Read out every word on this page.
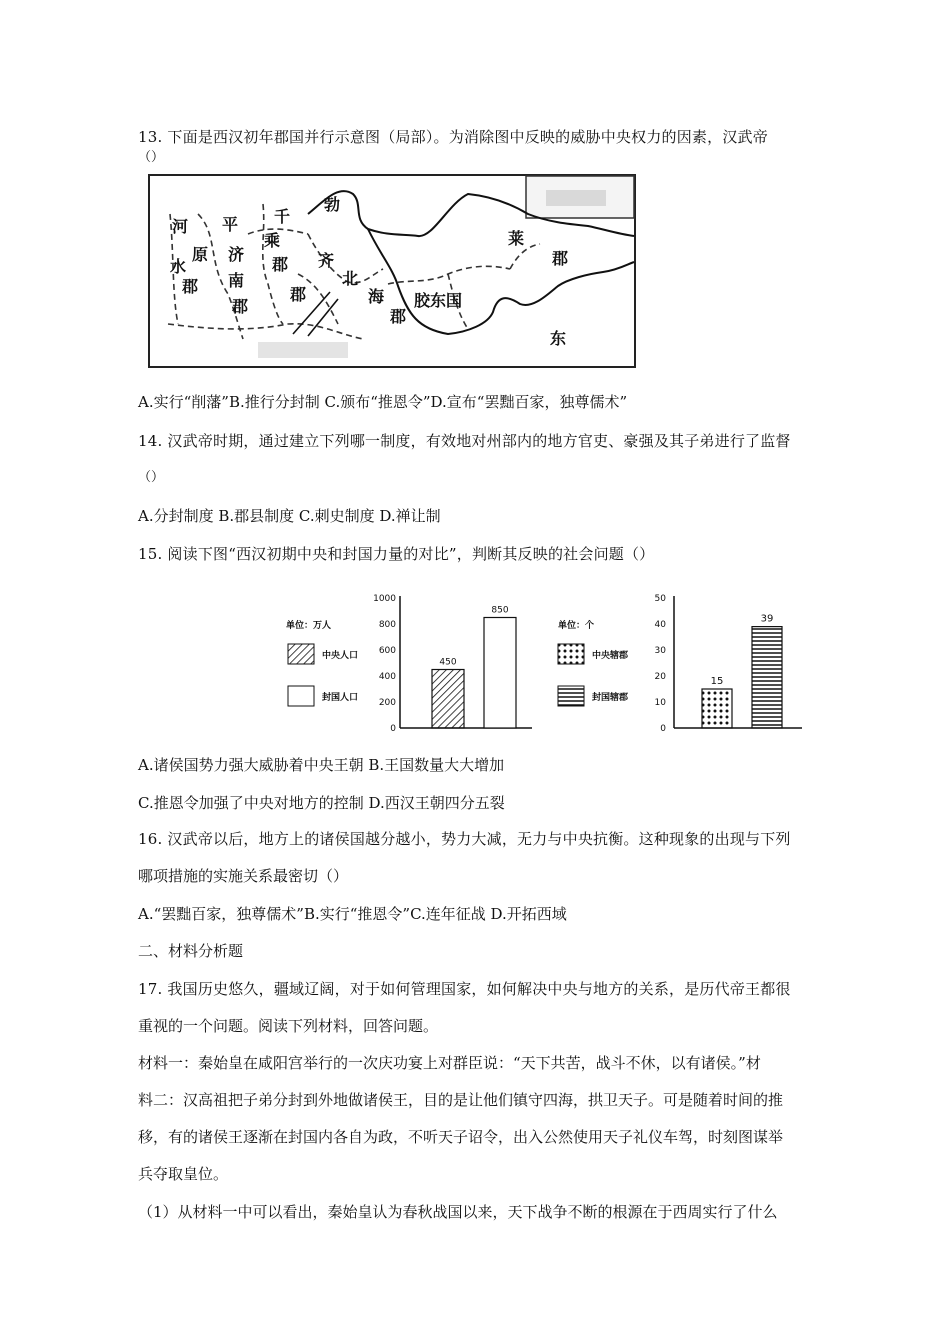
13. 下面是西汉初年郡国并行示意图（局部）。为消除图中反映的威胁中央权力的因素，汉武帝
（）
河
水
郡
平
原 济
南
郡
千
乘
郡
勃
齐
郡
北
海
郡
胶东国
莱
郡
东
A.实行“削藩”B.推行分封制 C.颁布“推恩令”D.宣布“罢黜百家，独尊儒术”
14. 汉武帝时期，通过建立下列哪一制度，有效地对州部内的地方官吏、豪强及其子弟进行了监督
（）
A.分封制度 B.郡县制度 C.刺史制度 D.禅让制
15. 阅读下图“西汉初期中央和封国力量的对比”，判断其反映的社会问题（）
单位：万人
中央人口
封国人口
0
200
400
600
800
1000
450
850
单位：个
中央辖郡
封国辖郡
0
10
20
30
40
50
15
39
A.诸侯国势力强大威胁着中央王朝 B.王国数量大大增加
C.推恩令加强了中央对地方的控制 D.西汉王朝四分五裂
16. 汉武帝以后，地方上的诸侯国越分越小，势力大减，无力与中央抗衡。这种现象的出现与下列
哪项措施的实施关系最密切（）
A.“罢黜百家，独尊儒术”B.实行“推恩令”C.连年征战 D.开拓西域
二、材料分析题
17. 我国历史悠久，疆域辽阔，对于如何管理国家，如何解决中央与地方的关系，是历代帝王都很
重视的一个问题。阅读下列材料，回答问题。
材料一：秦始皇在咸阳宫举行的一次庆功宴上对群臣说：“天下共苦，战斗不休，以有诸侯。”材
料二：汉高祖把子弟分封到外地做诸侯王，目的是让他们镇守四海，拱卫天子。可是随着时间的推
移，有的诸侯王逐渐在封国内各自为政，不听天子诏令，出入公然使用天子礼仪车驾，时刻图谋举
兵夺取皇位。
（1）从材料一中可以看出，秦始皇认为春秋战国以来，天下战争不断的根源在于西周实行了什么
